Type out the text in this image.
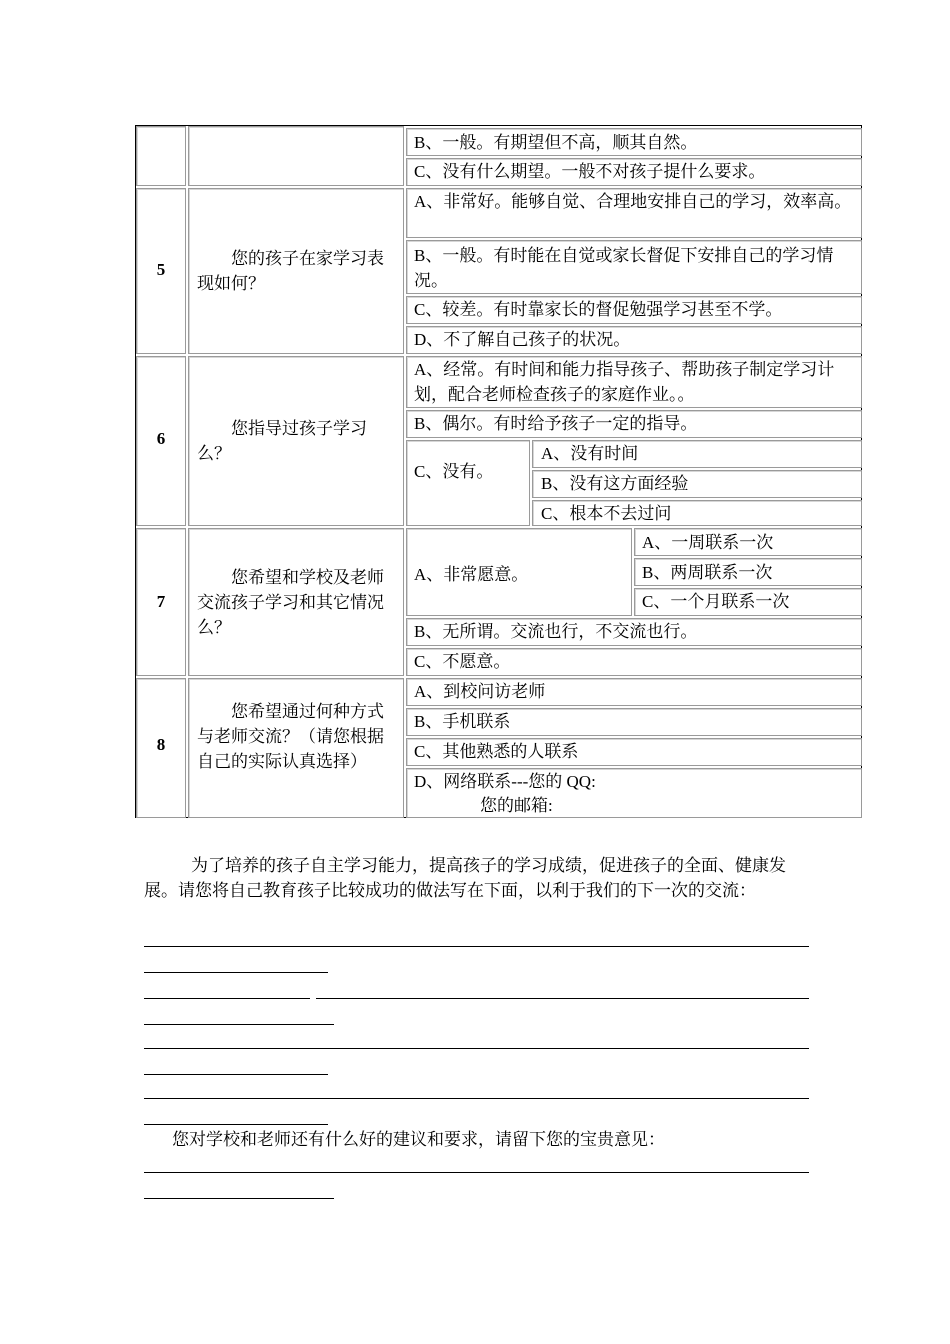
B、一般。有期望但不高，顺其自然。
C、没有什么期望。一般不对孩子提什么要求。
5
您的孩子在家学习表现如何？
A、非常好。能够自觉、合理地安排自己的学习，效率高。
B、一般。有时能在自觉或家长督促下安排自己的学习情况。
C、较差。有时靠家长的督促勉强学习甚至不学。
D、不了解自己孩子的状况。
6
您指导过孩子学习么？
A、经常。有时间和能力指导孩子、帮助孩子制定学习计划，配合老师检查孩子的家庭作业。。
B、偶尔。有时给予孩子一定的指导。
C、没有。
A、没有时间
B、没有这方面经验
C、根本不去过问
7
您希望和学校及老师交流孩子学习和其它情况么？
A、非常愿意。
A、一周联系一次
B、两周联系一次
C、一个月联系一次
B、无所谓。交流也行，不交流也行。
C、不愿意。
8
您希望通过何种方式与老师交流？（请您根据自己的实际认真选择）
A、到校问访老师
B、手机联系
C、其他熟悉的人联系
D、网络联系---您的 QQ:
您的邮箱:
为了培养的孩子自主学习能力，提高孩子的学习成绩，促进孩子的全面、健康发展。请您将自己教育孩子比较成功的做法写在下面，以利于我们的下一次的交流：
您对学校和老师还有什么好的建议和要求，请留下您的宝贵意见：
